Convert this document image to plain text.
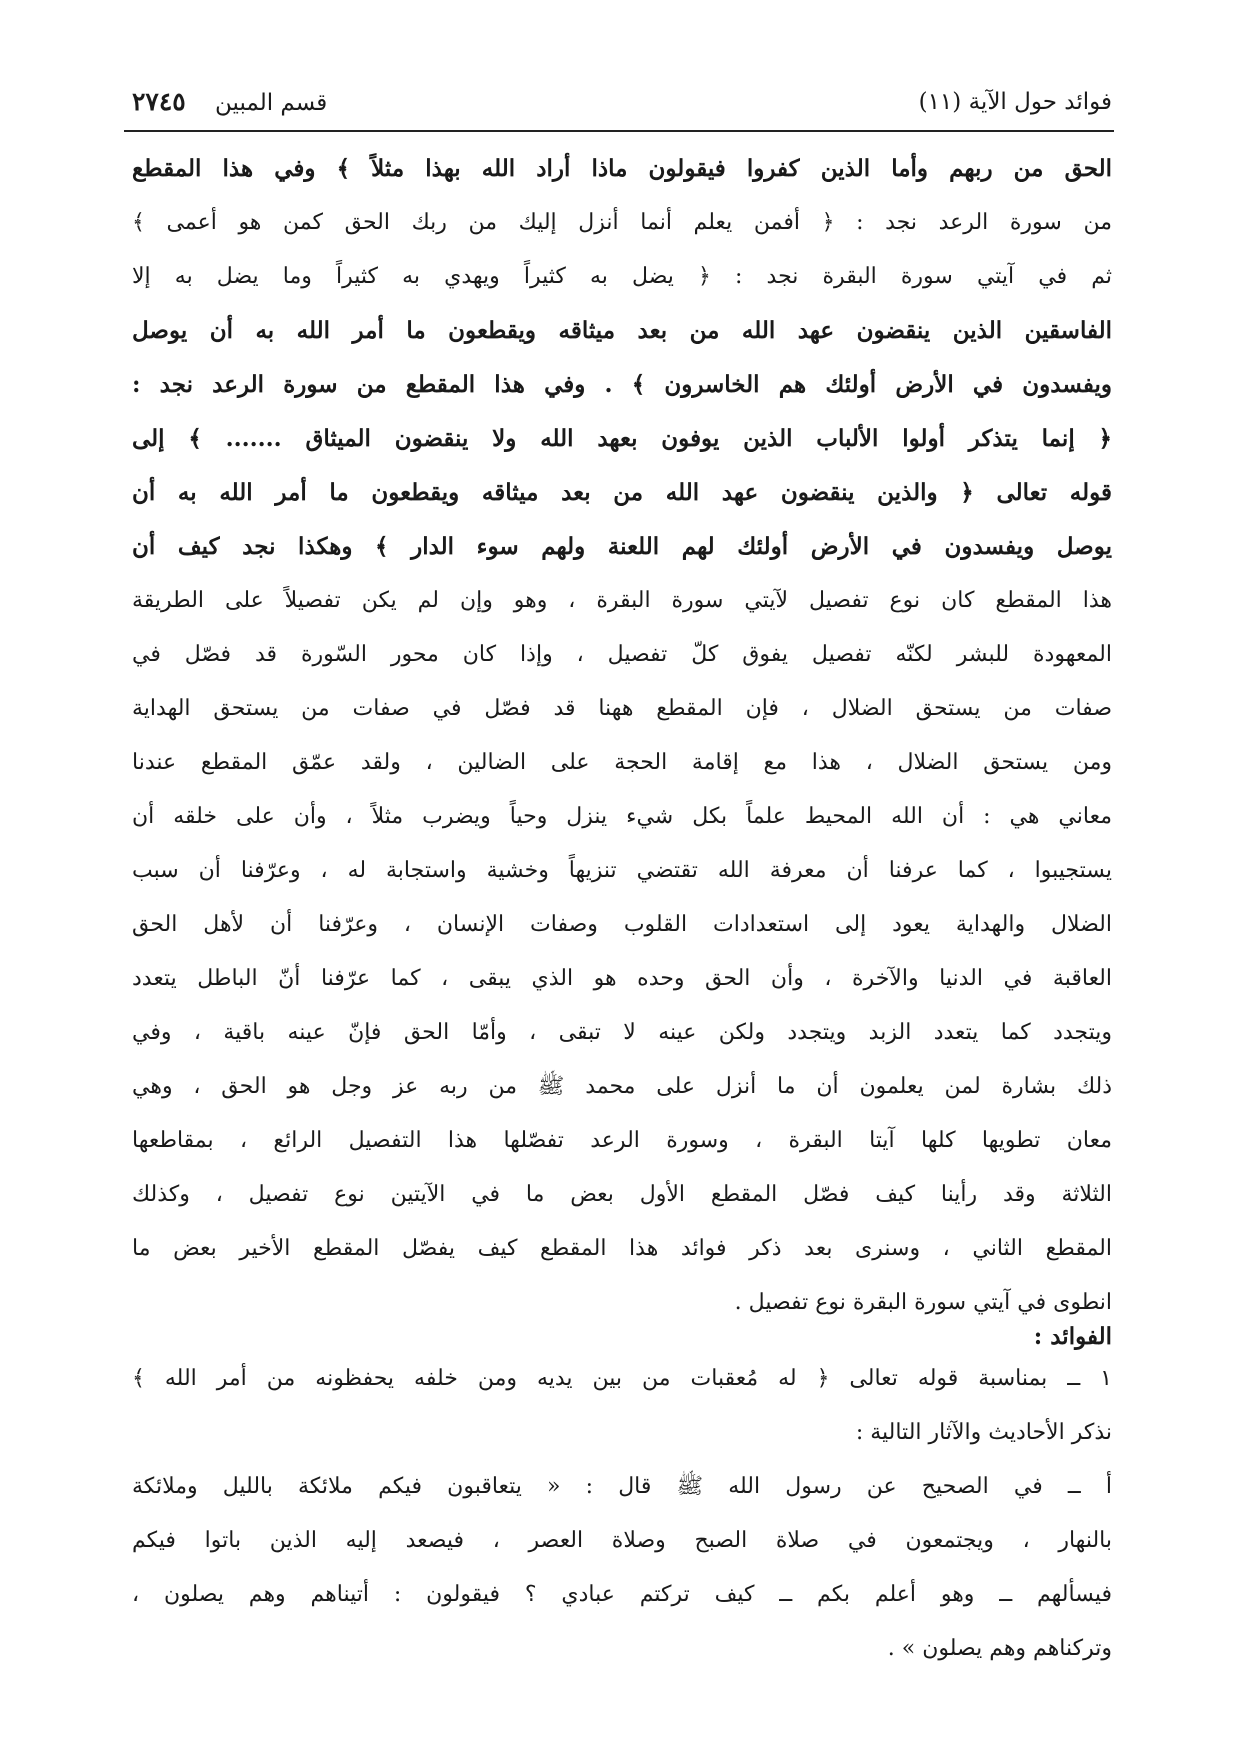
فوائد حول الآية (١١)
قسم المبين ٢٧٤٥
الحق من ربهم وأما الذين كفروا فيقولون ماذا أراد الله بهذا مثلاً ﴾ وفي هذا المقطع
من سورة الرعد نجد : ﴿ أفمن يعلم أنما أنزل إليك من ربك الحق كمن هو أعمى ﴾
ثم في آيتي سورة البقرة نجد : ﴿ يضل به كثيراً ويهدي به كثيراً وما يضل به إلا
الفاسقين الذين ينقضون عهد الله من بعد ميثاقه ويقطعون ما أمر الله به أن يوصل
ويفسدون في الأرض أولئك هم الخاسرون ﴾ . وفي هذا المقطع من سورة الرعد نجد :
﴿ إنما يتذكر أولوا الألباب الذين يوفون بعهد الله ولا ينقضون الميثاق ....... ﴾ إلى
قوله تعالى ﴿ والذين ينقضون عهد الله من بعد ميثاقه ويقطعون ما أمر الله به أن
يوصل ويفسدون في الأرض أولئك لهم اللعنة ولهم سوء الدار ﴾ وهكذا نجد كيف أن
هذا المقطع كان نوع تفصيل لآيتي سورة البقرة ، وهو وإن لم يكن تفصيلاً على الطريقة
المعهودة للبشر لكنّه تفصيل يفوق كلّ تفصيل ، وإذا كان محور السّورة قد فصّل في
صفات من يستحق الضلال ، فإن المقطع ههنا قد فصّل في صفات من يستحق الهداية
ومن يستحق الضلال ، هذا مع إقامة الحجة على الضالين ، ولقد عمّق المقطع عندنا
معاني هي : أن الله المحيط علماً بكل شيء ينزل وحياً ويضرب مثلاً ، وأن على خلقه أن
يستجيبوا ، كما عرفنا أن معرفة الله تقتضي تنزيهاً وخشية واستجابة له ، وعرّفنا أن سبب
الضلال والهداية يعود إلى استعدادات القلوب وصفات الإنسان ، وعرّفنا أن لأهل الحق
العاقبة في الدنيا والآخرة ، وأن الحق وحده هو الذي يبقى ، كما عرّفنا أنّ الباطل يتعدد
ويتجدد كما يتعدد الزبد ويتجدد ولكن عينه لا تبقى ، وأمّا الحق فإنّ عينه باقية ، وفي
ذلك بشارة لمن يعلمون أن ما أنزل على محمد ﷺ من ربه عز وجل هو الحق ، وهي
معان تطويها كلها آيتا البقرة ، وسورة الرعد تفصّلها هذا التفصيل الرائع ، بمقاطعها
الثلاثة وقد رأينا كيف فصّل المقطع الأول بعض ما في الآيتين نوع تفصيل ، وكذلك
المقطع الثاني ، وسنرى بعد ذكر فوائد هذا المقطع كيف يفصّل المقطع الأخير بعض ما
انطوى في آيتي سورة البقرة نوع تفصيل .
الفوائد :
١ ــ بمناسبة قوله تعالى ﴿ له مُعقبات من بين يديه ومن خلفه يحفظونه من أمر الله ﴾
نذكر الأحاديث والآثار التالية :
أ ــ في الصحيح عن رسول الله ﷺ قال : « يتعاقبون فيكم ملائكة بالليل وملائكة
بالنهار ، ويجتمعون في صلاة الصبح وصلاة العصر ، فيصعد إليه الذين باتوا فيكم
فيسألهم ــ وهو أعلم بكم ــ كيف تركتم عبادي ؟ فيقولون : أتيناهم وهم يصلون ،
وتركناهم وهم يصلون » .
